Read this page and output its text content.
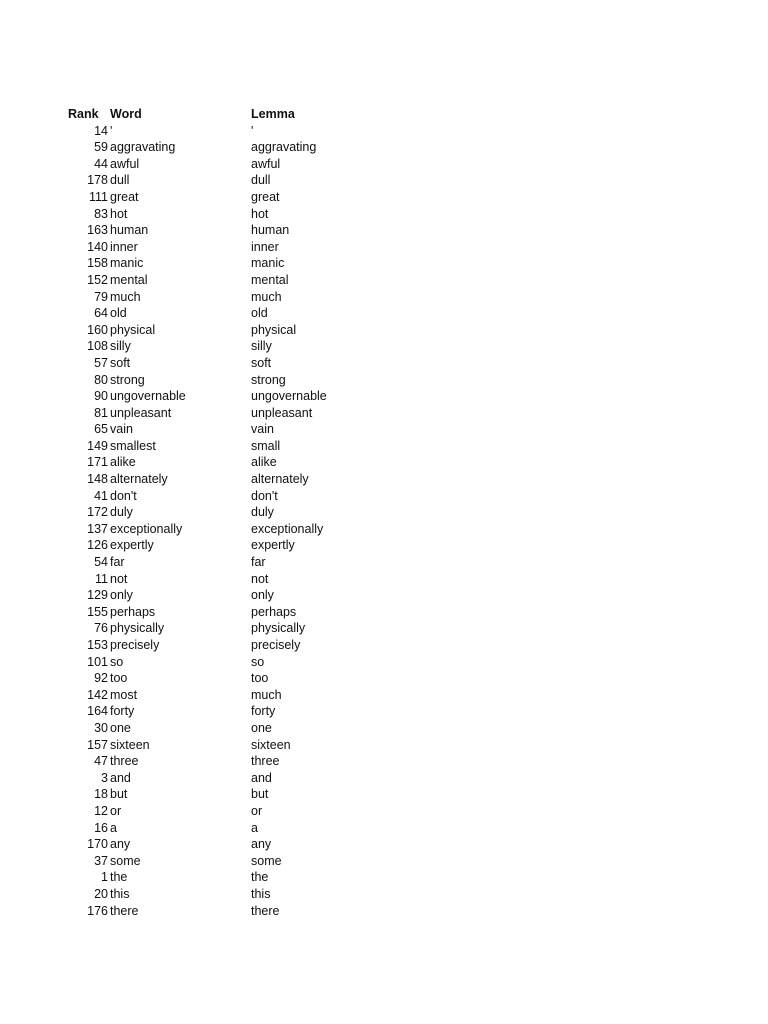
Rank Word	Lemma
14 '	'
59 aggravating	aggravating
44 awful	awful
178 dull	dull
111 great	great
83 hot	hot
163 human	human
140 inner	inner
158 manic	manic
152 mental	mental
79 much	much
64 old	old
160 physical	physical
108 silly	silly
57 soft	soft
80 strong	strong
90 ungovernable	ungovernable
81 unpleasant	unpleasant
65 vain	vain
149 smallest	small
171 alike	alike
148 alternately	alternately
41 don't	don't
172 duly	duly
137 exceptionally	exceptionally
126 expertly	expertly
54 far	far
11 not	not
129 only	only
155 perhaps	perhaps
76 physically	physically
153 precisely	precisely
101 so	so
92 too	too
142 most	much
164 forty	forty
30 one	one
157 sixteen	sixteen
47 three	three
3 and	and
18 but	but
12 or	or
16 a	a
170 any	any
37 some	some
1 the	the
20 this	this
176 there	there
